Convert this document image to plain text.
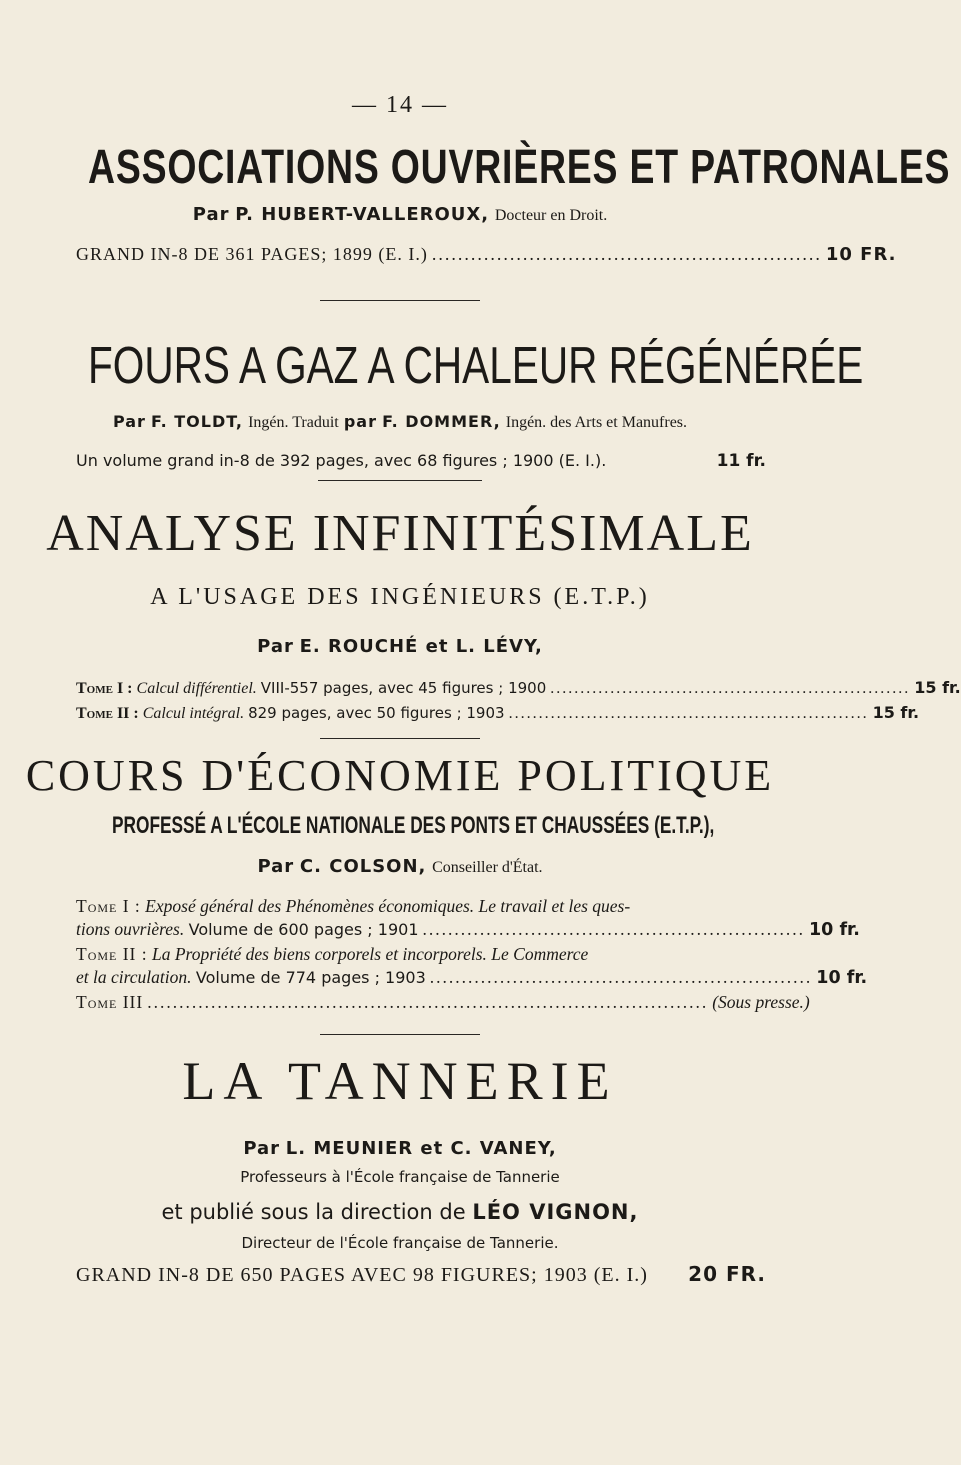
— 14 —
ASSOCIATIONS OUVRIÈRES ET PATRONALES
Par P. HUBERT-VALLEROUX, Docteur en Droit.
GRAND IN-8 DE 361 PAGES; 1899 (E. I.) ............................................................ 10 FR.
FOURS A GAZ A CHALEUR RÉGÉNÉRÉE
Par F. TOLDT, Ingén. Traduit par F. DOMMER, Ingén. des Arts et Manufres.
Un volume grand in-8 de 392 pages, avec 68 figures ; 1900 (E. I.).	11 fr.
ANALYSE INFINITÉSIMALE
A L'USAGE DES INGÉNIEURS (E.T.P.)
Par E. ROUCHÉ et L. LÉVY,
Tome I : Calcul différentiel. VIII-557 pages, avec 45 figures ; 1900 ............................................................ 15 fr.
Tome II : Calcul intégral. 829 pages, avec 50 figures ; 1903 ............................................................ 15 fr.
COURS D'ÉCONOMIE POLITIQUE
PROFESSÉ A L'ÉCOLE NATIONALE DES PONTS ET CHAUSSÉES (E.T.P.),
Par C. COLSON, Conseiller d'État.
Tome I : Exposé général des Phénomènes économiques. Le travail et les ques-
tions ouvrières. Volume de 600 pages ; 1901 ............................................................ 10 fr.
Tome II : La Propriété des biens corporels et incorporels. Le Commerce
et la circulation. Volume de 774 pages ; 1903 ............................................................ 10 fr.
Tome III ........................................................................................ (Sous presse.)
LA TANNERIE
Par L. MEUNIER et C. VANEY,
Professeurs à l'École française de Tannerie
et publié sous la direction de LÉO VIGNON,
Directeur de l'École française de Tannerie.
GRAND IN-8 DE 650 PAGES AVEC 98 FIGURES; 1903 (E. I.) 20 FR.
